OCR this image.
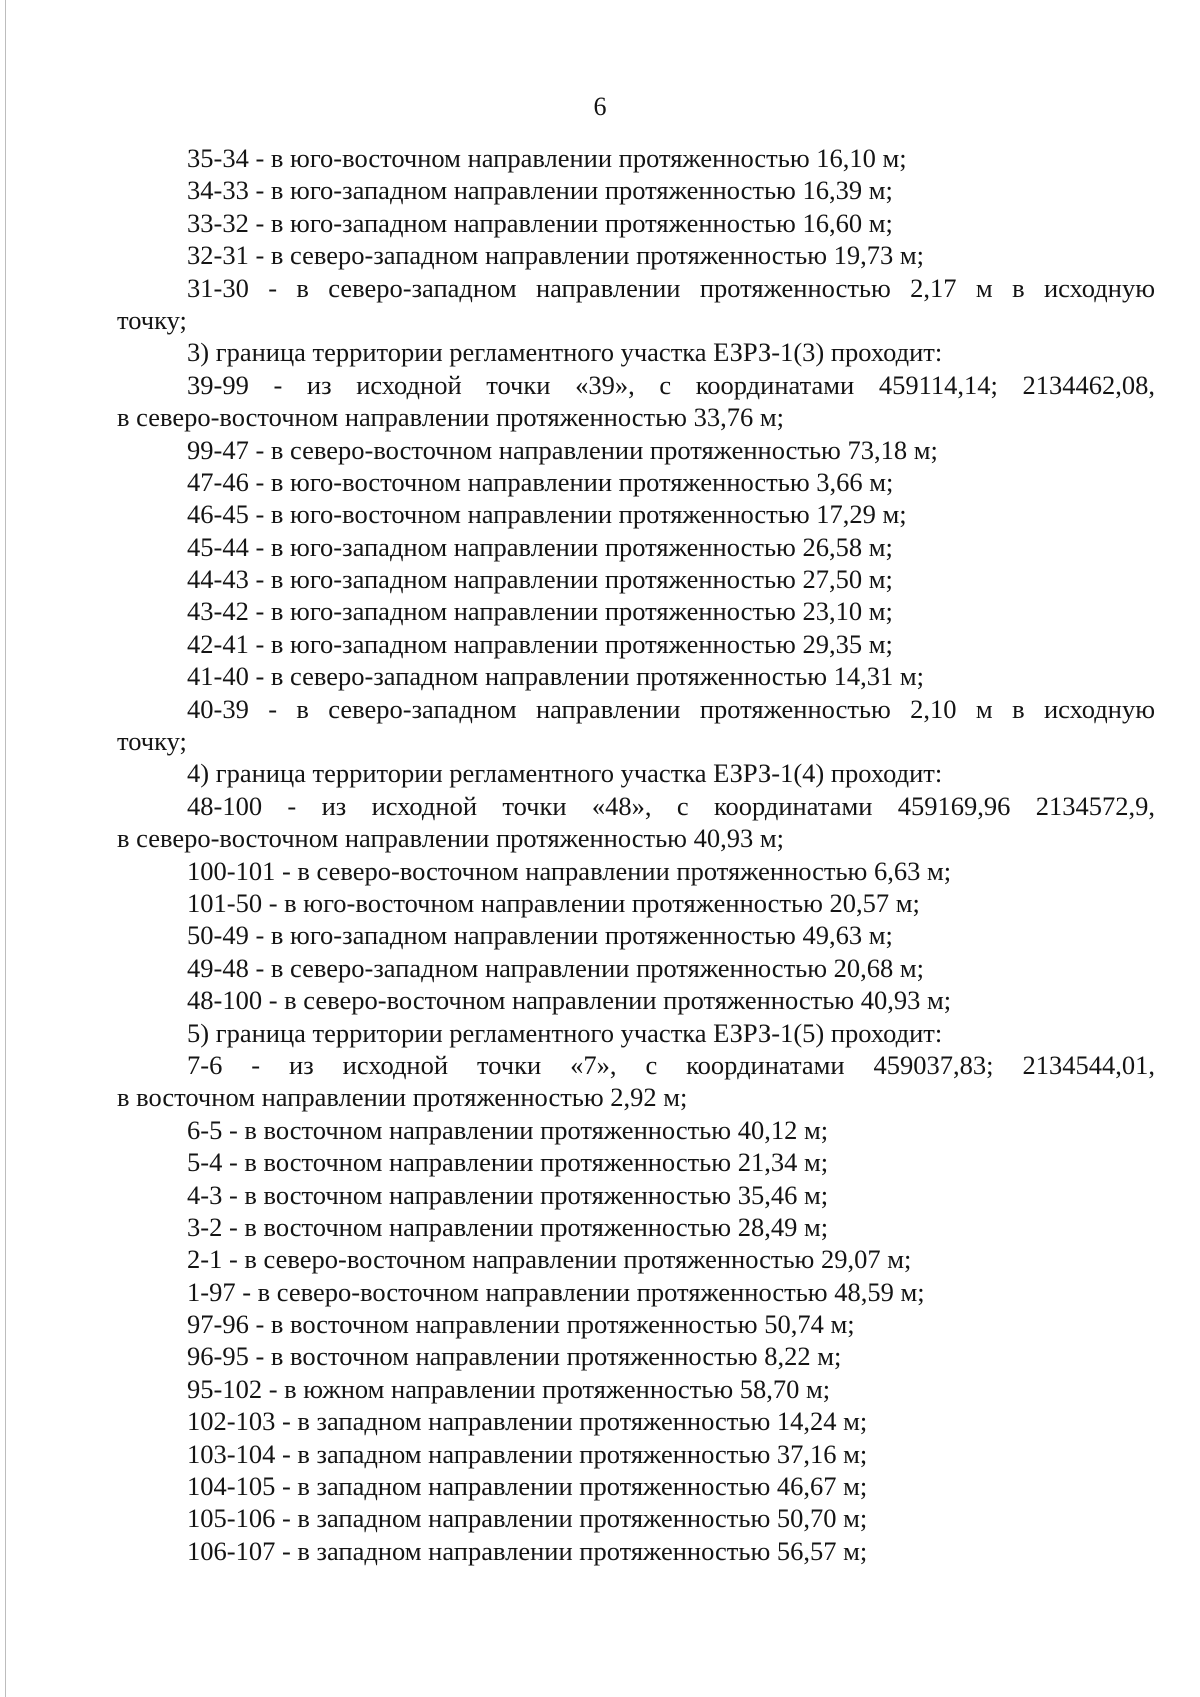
6
35-34 - в юго-восточном направлении протяженностью 16,10 м;
34-33 - в юго-западном направлении протяженностью 16,39 м;
33-32 - в юго-западном направлении протяженностью 16,60 м;
32-31 - в северо-западном направлении протяженностью 19,73 м;
31-30 - в северо-западном направлении протяженностью 2,17 м в исходную
точку;
3) граница территории регламентного участка ЕЗРЗ-1(3) проходит:
39-99 - из исходной точки «39», с координатами 459114,14; 2134462,08,
в северо-восточном направлении протяженностью 33,76 м;
99-47 - в северо-восточном направлении протяженностью 73,18 м;
47-46 - в юго-восточном направлении протяженностью 3,66 м;
46-45 - в юго-восточном направлении протяженностью 17,29 м;
45-44 - в юго-западном направлении протяженностью 26,58 м;
44-43 - в юго-западном направлении протяженностью 27,50 м;
43-42 - в юго-западном направлении протяженностью 23,10 м;
42-41 - в юго-западном направлении протяженностью 29,35 м;
41-40 - в северо-западном направлении протяженностью 14,31 м;
40-39 - в северо-западном направлении протяженностью 2,10 м в исходную
точку;
4) граница территории регламентного участка ЕЗРЗ-1(4) проходит:
48-100 - из исходной точки «48», с координатами 459169,96 2134572,9,
в северо-восточном направлении протяженностью 40,93 м;
100-101 - в северо-восточном направлении протяженностью 6,63 м;
101-50 - в юго-восточном направлении протяженностью 20,57 м;
50-49 - в юго-западном направлении протяженностью 49,63 м;
49-48 - в северо-западном направлении протяженностью 20,68 м;
48-100 - в северо-восточном направлении протяженностью 40,93 м;
5) граница территории регламентного участка ЕЗРЗ-1(5) проходит:
7-6 - из исходной точки «7», с координатами 459037,83; 2134544,01,
в восточном направлении протяженностью 2,92 м;
6-5 - в восточном направлении протяженностью 40,12 м;
5-4 - в восточном направлении протяженностью 21,34 м;
4-3 - в восточном направлении протяженностью 35,46 м;
3-2 - в восточном направлении протяженностью 28,49 м;
2-1 - в северо-восточном направлении протяженностью 29,07 м;
1-97 - в северо-восточном направлении протяженностью 48,59 м;
97-96 - в восточном направлении протяженностью 50,74 м;
96-95 - в восточном направлении протяженностью 8,22 м;
95-102 - в южном направлении протяженностью 58,70 м;
102-103 - в западном направлении протяженностью 14,24 м;
103-104 - в западном направлении протяженностью 37,16 м;
104-105 - в западном направлении протяженностью 46,67 м;
105-106 - в западном направлении протяженностью 50,70 м;
106-107 - в западном направлении протяженностью 56,57 м;
